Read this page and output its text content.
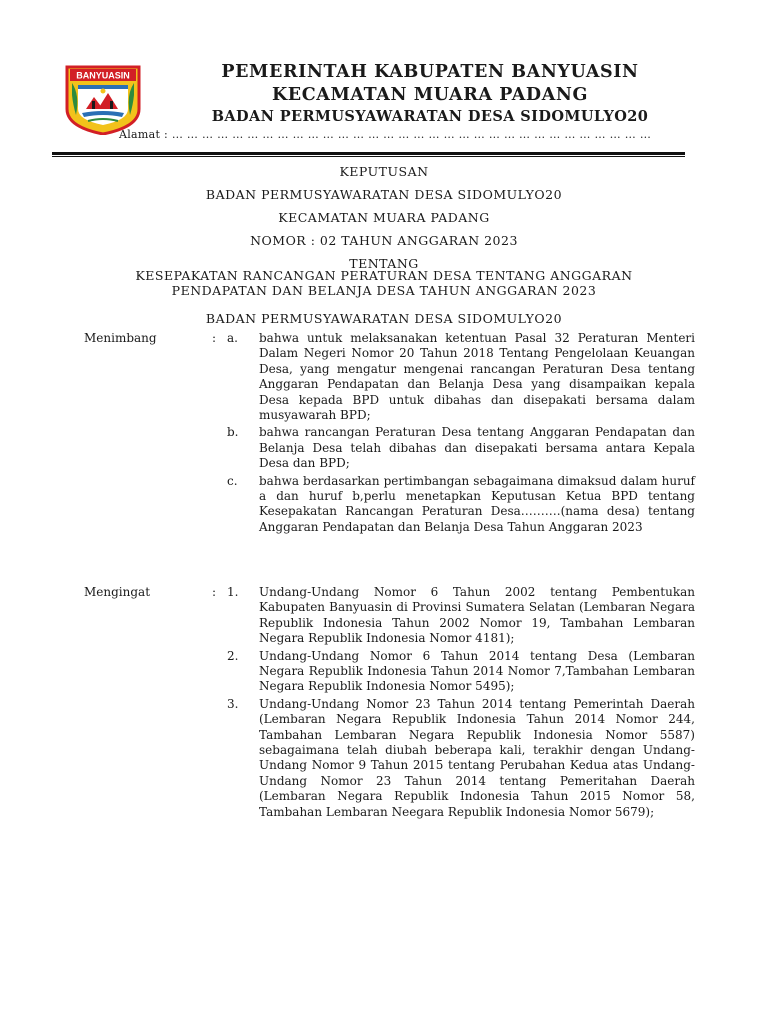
BANYUASIN	PEMERINTAH KABUPATEN BANYUASIN
KECAMATAN MUARA PADANG
BADAN PERMUSYAWARATAN DESA SIDOMULYO20
Alamat : … … … … … … … … … … … … … … … … … … … … … … … … … … … … … … … …
KEPUTUSAN
BADAN PERMUSYAWARATAN DESA SIDOMULYO20
KECAMATAN MUARA PADANG
NOMOR : 02 TAHUN ANGGARAN 2023
TENTANG
KESEPAKATAN RANCANGAN PERATURAN DESA TENTANG ANGGARAN
PENDAPATAN DAN BELANJA DESA TAHUN ANGGARAN 2023
BADAN PERMUSYAWARATAN DESA SIDOMULYO20
Menimbang	: a. bahwa untuk melaksanakan ketentuan Pasal 32 Peraturan Menteri Dalam Negeri Nomor 20 Tahun 2018 Tentang Pengelolaan Keuangan Desa, yang mengatur mengenai rancangan Peraturan Desa tentang Anggaran Pendapatan dan Belanja Desa yang disampaikan kepala Desa kepada BPD untuk dibahas dan disepakati bersama dalam musyawarah BPD;
b. bahwa rancangan Peraturan Desa tentang Anggaran Pendapatan dan Belanja Desa telah dibahas dan disepakati bersama antara Kepala Desa dan BPD;
c. bahwa berdasarkan pertimbangan sebagaimana dimaksud dalam huruf a dan huruf b,perlu menetapkan Keputusan Ketua BPD tentang Kesepakatan Rancangan Peraturan Desa……….(nama desa) tentang Anggaran Pendapatan dan Belanja Desa Tahun Anggaran 2023
Mengingat	: 1. Undang-Undang Nomor 6 Tahun 2002 tentang Pembentukan Kabupaten Banyuasin di Provinsi Sumatera Selatan (Lembaran Negara Republik Indonesia Tahun 2002 Nomor 19, Tambahan Lembaran Negara Republik Indonesia Nomor 4181);
2. Undang-Undang Nomor 6 Tahun 2014 tentang Desa (Lembaran Negara Republik Indonesia Tahun 2014 Nomor 7,Tambahan Lembaran Negara Republik Indonesia Nomor 5495);
3. Undang-Undang Nomor 23 Tahun 2014 tentang Pemerintah Daerah (Lembaran Negara Republik Indonesia Tahun 2014 Nomor 244, Tambahan Lembaran Negara Republik Indonesia Nomor 5587) sebagaimana telah diubah beberapa kali, terakhir dengan Undang-Undang Nomor 9 Tahun 2015 tentang Perubahan Kedua atas Undang-Undang Nomor 23 Tahun 2014 tentang Pemeritahan Daerah (Lembaran Negara Republik Indonesia Tahun 2015 Nomor 58, Tambahan Lembaran Neegara Republik Indonesia Nomor 5679);
